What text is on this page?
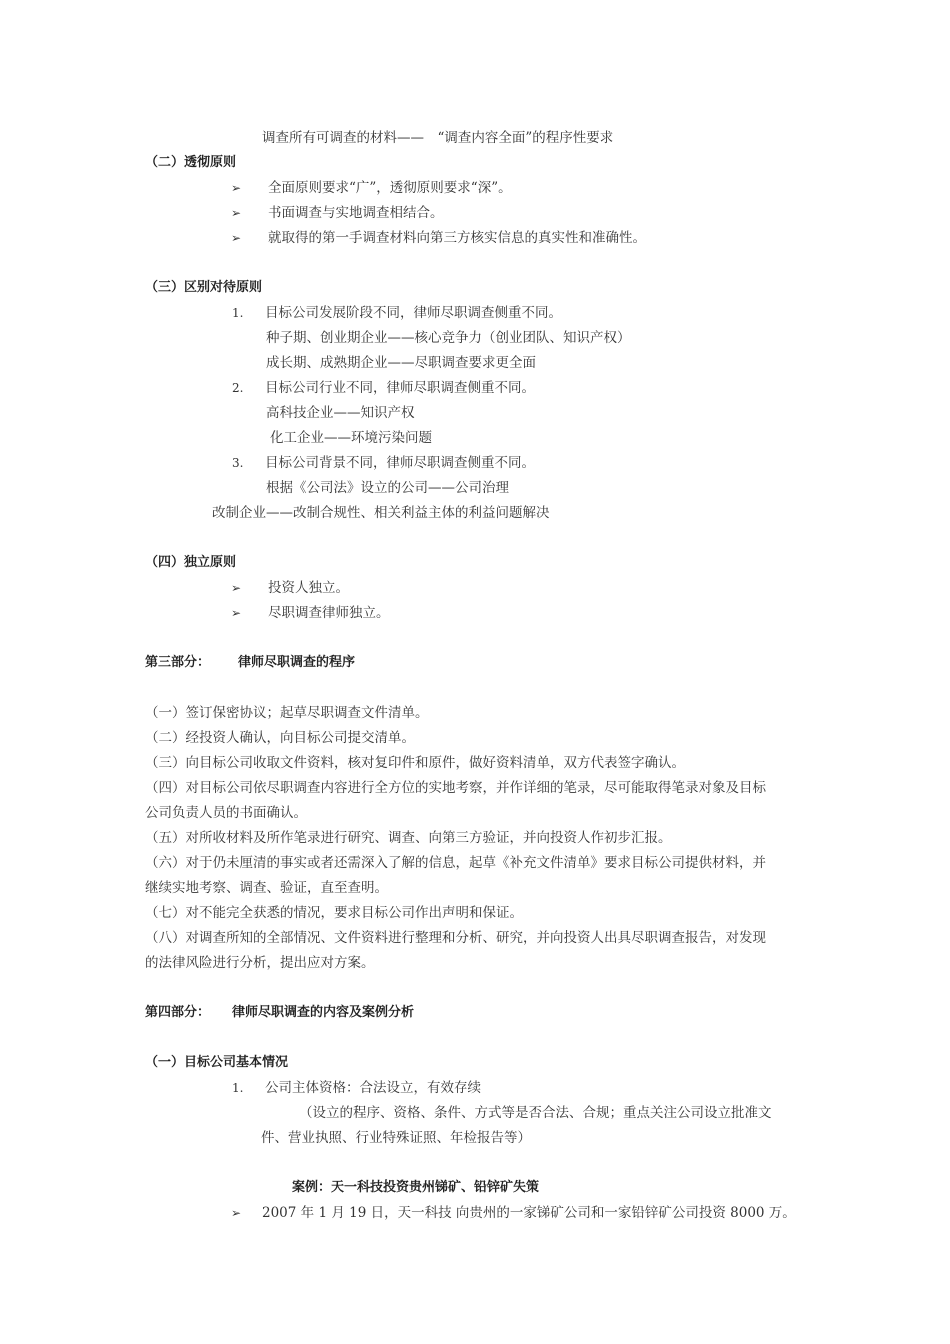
调查所有可调查的材料——　“调查内容全面”的程序性要求
（二）透彻原则
➢ 全面原则要求“广”，透彻原则要求“深”。
➢ 书面调查与实地调查相结合。
➢ 就取得的第一手调查材料向第三方核实信息的真实性和准确性。
（三）区别对待原则
1. 目标公司发展阶段不同，律师尽职调查侧重不同。
种子期、创业期企业——核心竞争力（创业团队、知识产权）
成长期、成熟期企业——尽职调查要求更全面
2. 目标公司行业不同，律师尽职调查侧重不同。
高科技企业——知识产权
化工企业——环境污染问题
3. 目标公司背景不同，律师尽职调查侧重不同。
根据《公司法》设立的公司——公司治理
改制企业——改制合规性、相关利益主体的利益问题解决
（四）独立原则
➢ 投资人独立。
➢ 尽职调查律师独立。
第三部分： 律师尽职调查的程序
（一）签订保密协议；起草尽职调查文件清单。
（二）经投资人确认，向目标公司提交清单。
（三）向目标公司收取文件资料，核对复印件和原件，做好资料清单，双方代表签字确认。
（四）对目标公司依尽职调查内容进行全方位的实地考察，并作详细的笔录，尽可能取得笔录对象及目标
公司负责人员的书面确认。
（五）对所收材料及所作笔录进行研究、调查、向第三方验证，并向投资人作初步汇报。
（六）对于仍未厘清的事实或者还需深入了解的信息，起草《补充文件清单》要求目标公司提供材料，并
继续实地考察、调查、验证，直至查明。
（七）对不能完全获悉的情况，要求目标公司作出声明和保证。
（八）对调查所知的全部情况、文件资料进行整理和分析、研究，并向投资人出具尽职调查报告，对发现
的法律风险进行分析，提出应对方案。
第四部分： 律师尽职调查的内容及案例分析
（一）目标公司基本情况
1. 公司主体资格：合法设立，有效存续
（设立的程序、资格、条件、方式等是否合法、合规；重点关注公司设立批准文
件、营业执照、行业特殊证照、年检报告等）
案例：天一科技投资贵州锑矿、铅锌矿失策
➢ 2007 年 1 月 19 日，天一科技 向贵州的一家锑矿公司和一家铅锌矿公司投资 8000 万。
